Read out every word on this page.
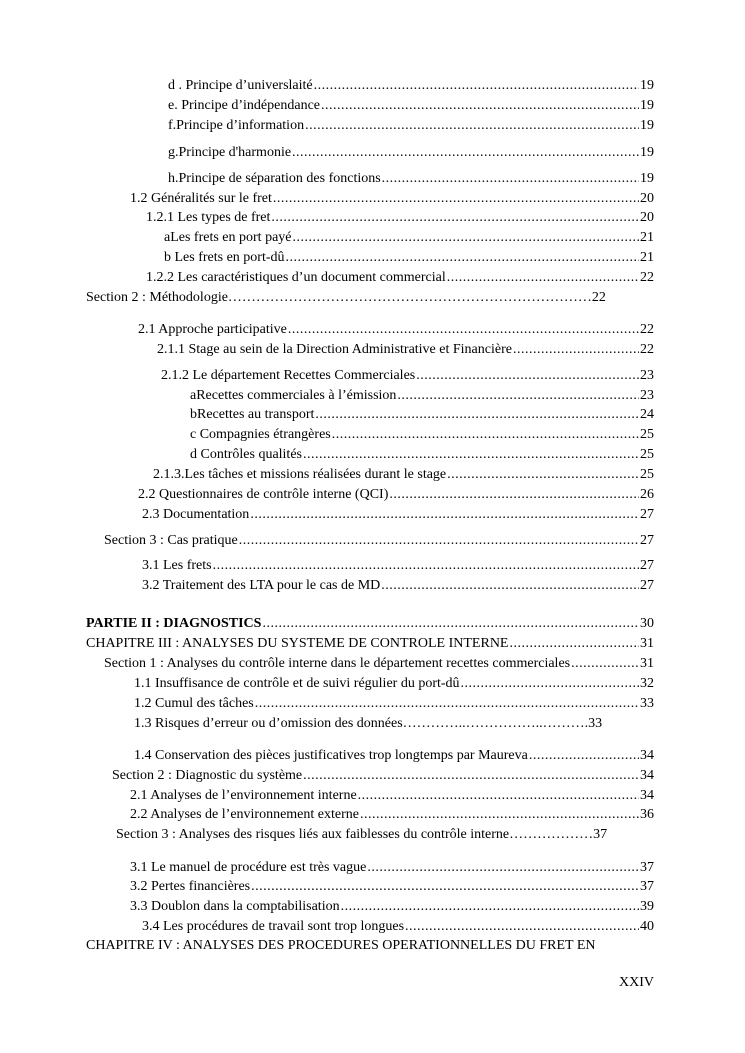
d . Principe d’universlaité .....	19
e. Principe d’indépendance .....	19
f.Principe d’information .....	19
g.Principe d'harmonie .....	19
h.Principe de séparation des fonctions .....	19
1.2 Généralités sur le fret .....	20
1.2.1 Les types de fret .....	20
aLes frets en port payé .....	21
b Les frets en port-dû .....	21
1.2.2 Les caractéristiques d’un document commercial .....	22
Section 2 : Méthodologie……………………………………………………………………22
2.1 Approche participative .....	22
2.1.1 Stage au sein de la Direction Administrative et Financière .....	22
2.1.2 Le département Recettes Commerciales .....	23
aRecettes commerciales à l’émission .....	23
bRecettes au transport .....	24
c Compagnies étrangères .....	25
d Contrôles qualités .....	25
2.1.3.Les tâches et missions réalisées durant le stage .....	25
2.2 Questionnaires de contrôle interne (QCI) .....	26
2.3 Documentation .....	27
Section 3 : Cas pratique .....	27
3.1 Les frets .....	27
3.2 Traitement des LTA pour le cas de MD .....	27
PARTIE II : DIAGNOSTICS .....	30
CHAPITRE III : ANALYSES DU SYSTEME DE CONTROLE INTERNE .....	31
Section 1 : Analyses du contrôle interne dans le département recettes commerciales .....	31
1.1 Insuffisance de contrôle et de suivi régulier du port-dû .....	32
1.2 Cumul des tâches .....	33
1.3 Risques d’erreur ou d’omission des données…………..……………..……….33
1.4 Conservation des pièces justificatives trop longtemps par Maureva .....	34
Section 2 : Diagnostic du système .....	34
2.1 Analyses de l’environnement interne .....	34
2.2 Analyses de l’environnement externe .....	36
Section 3 : Analyses des risques liés aux faiblesses du contrôle interne………………37
3.1 Le manuel de procédure est très vague .....	37
3.2 Pertes financières .....	37
3.3 Doublon dans la comptabilisation .....	39
3.4 Les procédures de travail sont trop longues .....	40
CHAPITRE IV : ANALYSES DES PROCEDURES OPERATIONNELLES DU FRET EN
XXIV
